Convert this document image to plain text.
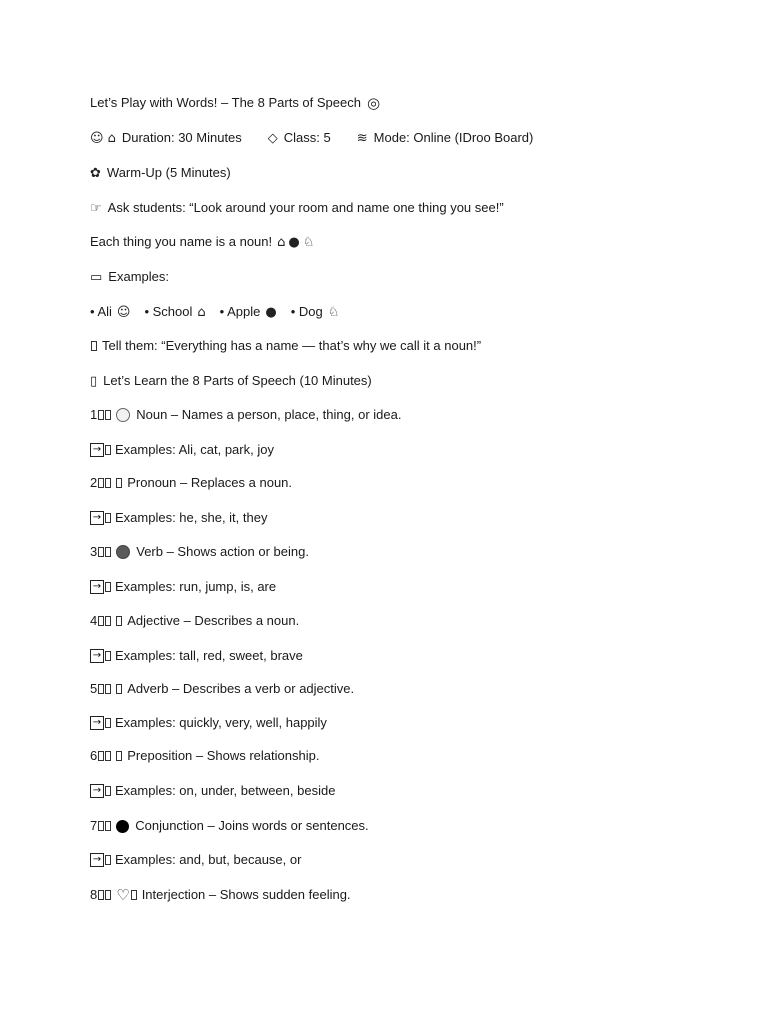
Let’s Play with Words! – The 8 Parts of Speech ◎
☺ ⌂ Duration: 30 Minutes ◇ Class: 5 ≋ Mode: Online (IDroo Board)
✿ Warm-Up (5 Minutes)
☞ Ask students: “Look around your room and name one thing you see!”
Each thing you name is a noun! ⌂ ● ♘
▭ Examples:
• Ali ☺ • School ⌂ • Apple ● • Dog ♘
Tell them: “Everything has a name — that’s why we call it a noun!”
▯ Let’s Learn the 8 Parts of Speech (10 Minutes)
1	Noun – Names a person, place, thing, or idea.
→ Examples: Ali, cat, park, joy
2 Pronoun – Replaces a noun.
→ Examples: he, she, it, they
3	Verb – Shows action or being.
→ Examples: run, jump, is, are
4 Adjective – Describes a noun.
→ Examples: tall, red, sweet, brave
5 Adverb – Describes a verb or adjective.
→ Examples: quickly, very, well, happily
6 Preposition – Shows relationship.
→ Examples: on, under, between, beside
7	Conjunction – Joins words or sentences.
→ Examples: and, but, because, or
8 ♡ Interjection – Shows sudden feeling.
